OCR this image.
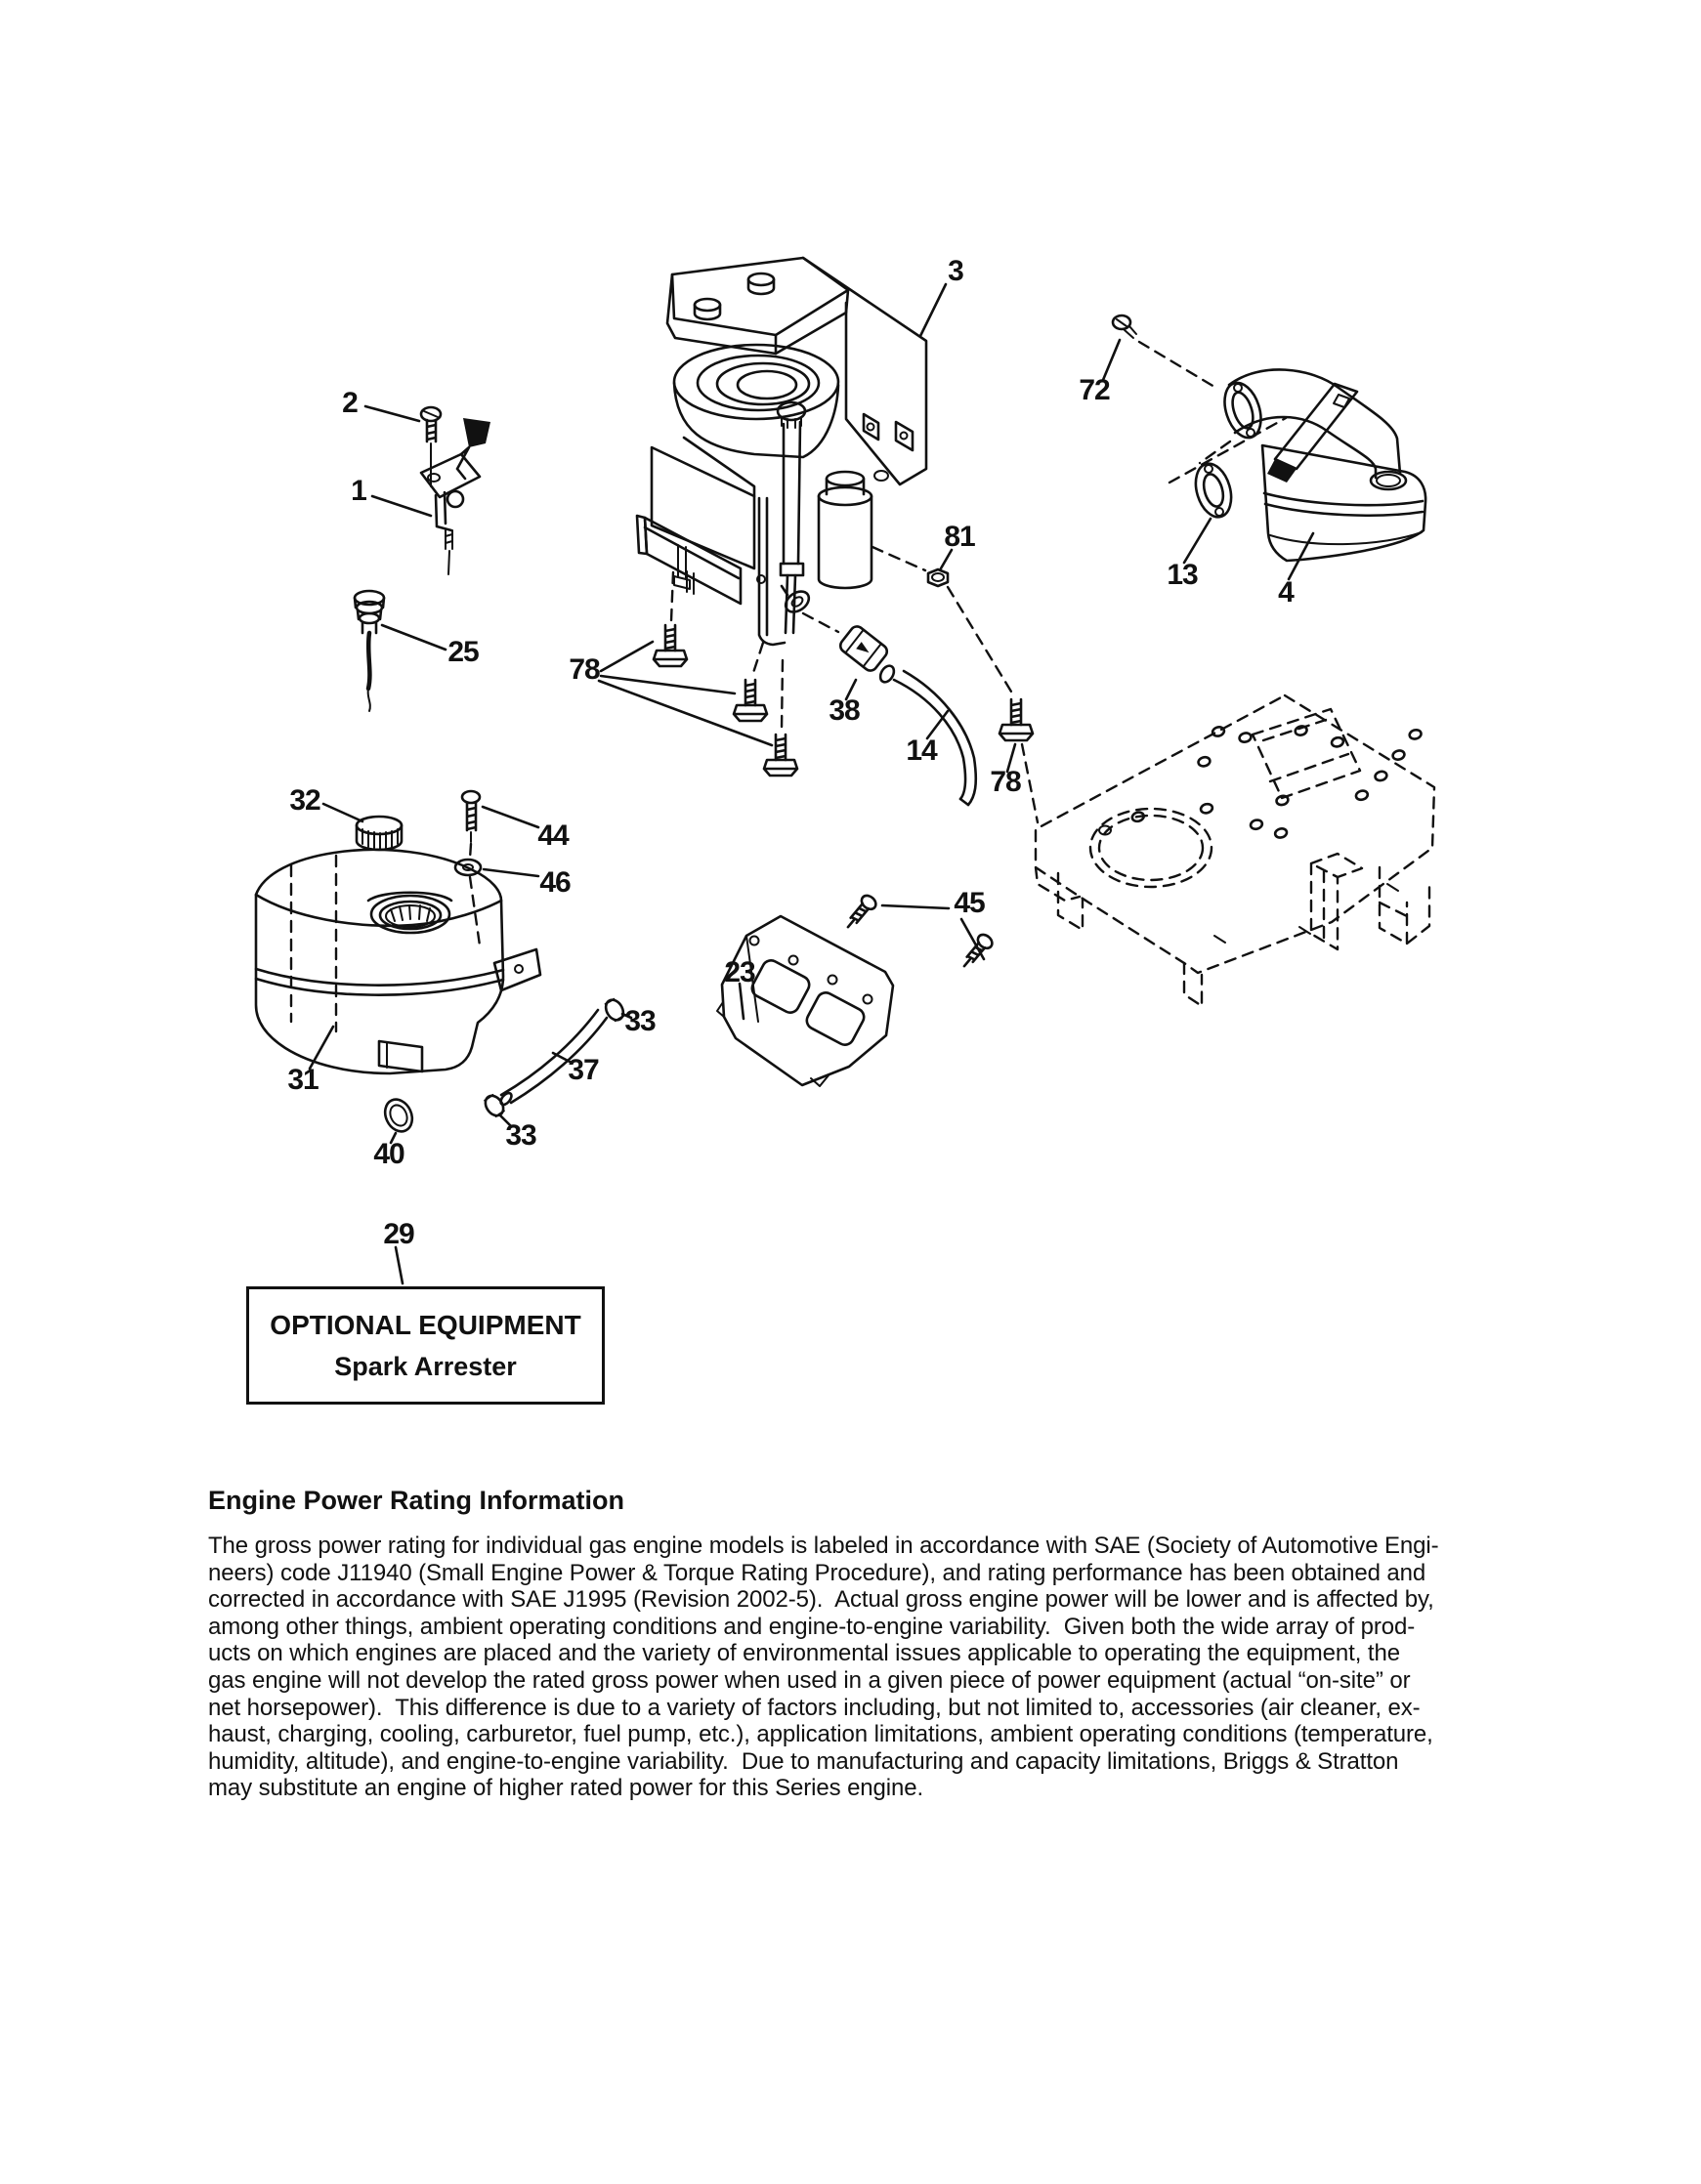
3
72
2
1
81
13
4
25
78
38
14
78
32
44
46
45
23
33
37
31
33
40
29
OPTIONAL EQUIPMENT
Spark Arrester
Engine Power Rating Information
The gross power rating for individual gas engine models is labeled in accordance with SAE (Society of Automotive Engi-
neers) code J11940 (Small Engine Power & Torque Rating Procedure), and rating performance has been obtained and
corrected in accordance with SAE J1995 (Revision 2002-5).  Actual gross engine power will be lower and is affected by,
among other things, ambient operating conditions and engine-to-engine variability.  Given both the wide array of prod-
ucts on which engines are placed and the variety of environmental issues applicable to operating the equipment, the
gas engine will not develop the rated gross power when used in a given piece of power equipment (actual “on-site” or
net horsepower).  This difference is due to a variety of factors including, but not limited to, accessories (air cleaner, ex-
haust, charging, cooling, carburetor, fuel pump, etc.), application limitations, ambient operating conditions (temperature,
humidity, altitude), and engine-to-engine variability.  Due to manufacturing and capacity limitations, Briggs & Stratton
may substitute an engine of higher rated power for this Series engine.
